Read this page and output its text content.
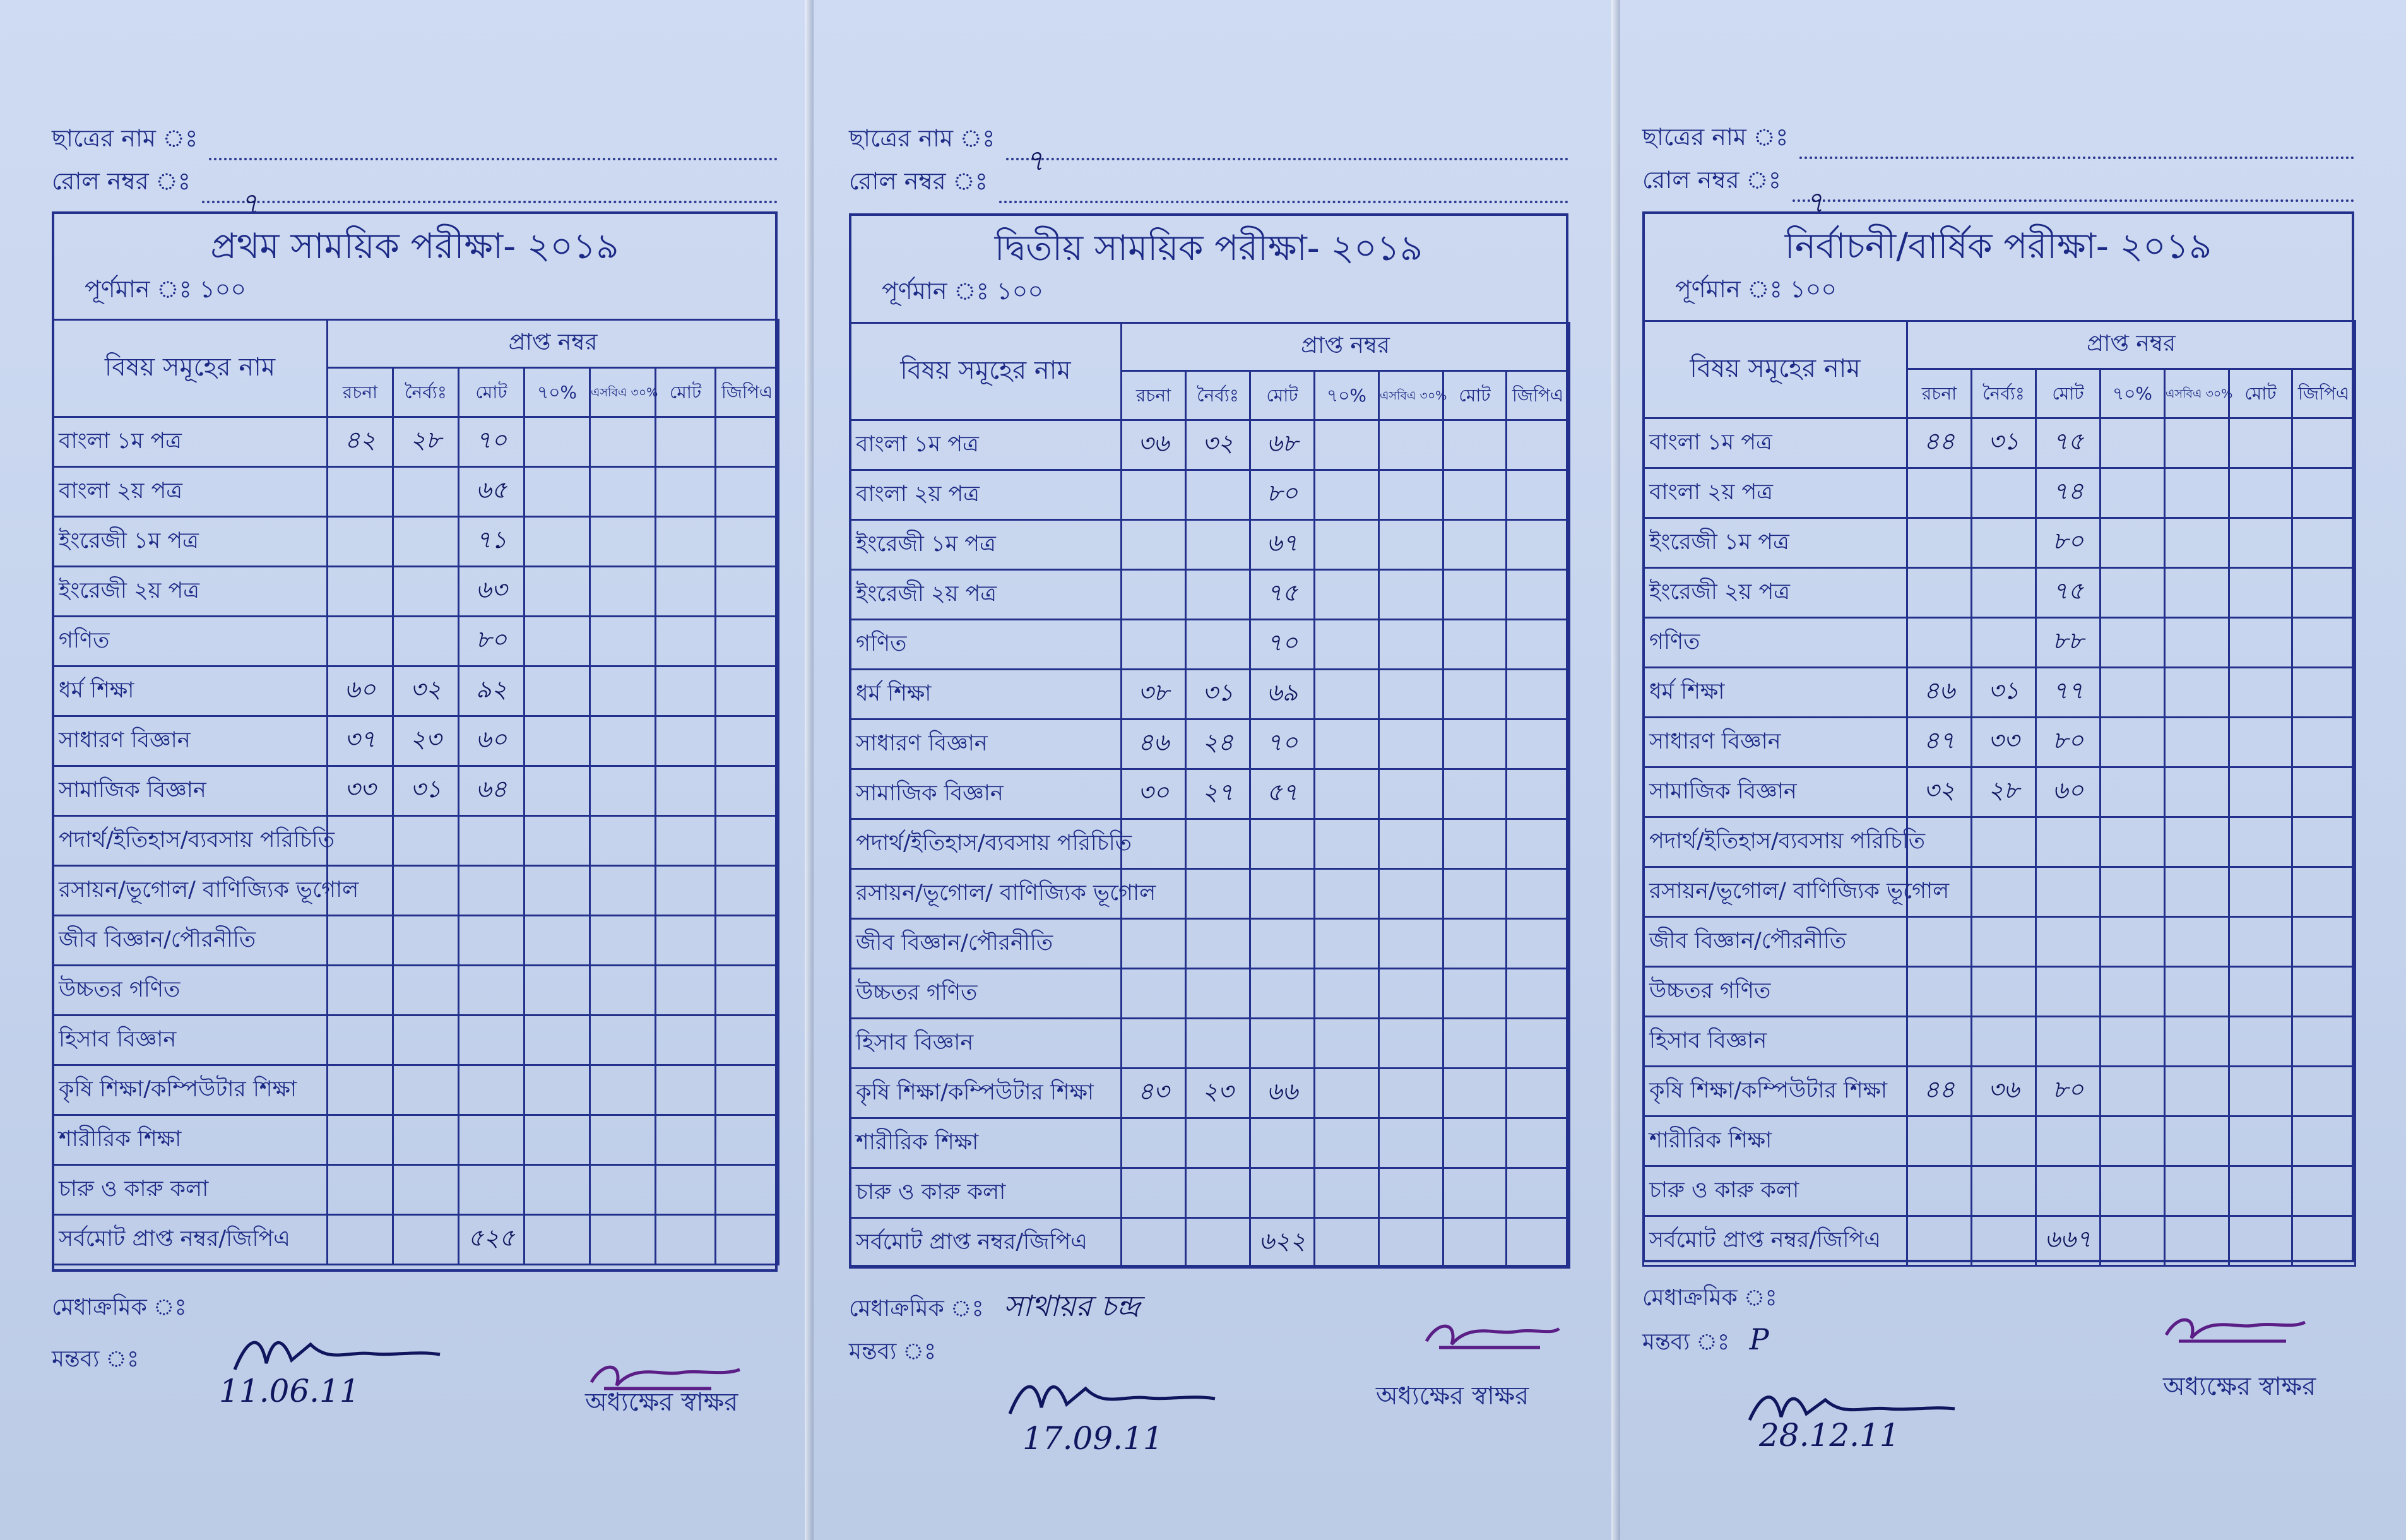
ছাত্রের নাম ঃ
রোল নম্বর ঃ
৭
প্রথম সাময়িক পরীক্ষা- ২০১৯
পূর্ণমান ঃ ১০০
বিষয় সমূহের নাম	প্রাপ্ত নম্বর						
	রচনা	নৈর্ব্যঃ	মোট	৭০%	এসবিএ ৩০%	মোট	জিপিএ
বাংলা ১ম পত্র	৪২	২৮	৭০				
বাংলা ২য় পত্র			৬৫				
ইংরেজী ১ম পত্র			৭১				
ইংরেজী ২য় পত্র			৬৩				
গণিত			৮০				
ধর্ম শিক্ষা	৬০	৩২	৯২				
সাধারণ বিজ্ঞান	৩৭	২৩	৬০				
সামাজিক বিজ্ঞান	৩৩	৩১	৬৪				
পদার্থ/ইতিহাস/ব্যবসায় পরিচিতি							
রসায়ন/ভূগোল/ বাণিজ্যিক ভূগোল							
জীব বিজ্ঞান/পৌরনীতি							
উচ্চতর গণিত							
হিসাব বিজ্ঞান							
কৃষি শিক্ষা/কম্পিউটার শিক্ষা							
শারীরিক শিক্ষা							
চারু ও কারু কলা							
সর্বমোট প্রাপ্ত নম্বর/জিপিএ			৫২৫				
মেধাক্রমিক ঃ
মন্তব্য ঃ
11.06.11	অধ্যক্ষের স্বাক্ষর
ছাত্রের নাম ঃ
৭
রোল নম্বর ঃ
দ্বিতীয় সাময়িক পরীক্ষা- ২০১৯
পূর্ণমান ঃ ১০০
বিষয় সমূহের নাম	প্রাপ্ত নম্বর						
	রচনা	নৈর্ব্যঃ	মোট	৭০%	এসবিএ ৩০%	মোট	জিপিএ
বাংলা ১ম পত্র	৩৬	৩২	৬৮				
বাংলা ২য় পত্র			৮০				
ইংরেজী ১ম পত্র			৬৭				
ইংরেজী ২য় পত্র			৭৫				
গণিত			৭০				
ধর্ম শিক্ষা	৩৮	৩১	৬৯				
সাধারণ বিজ্ঞান	৪৬	২৪	৭০				
সামাজিক বিজ্ঞান	৩০	২৭	৫৭				
পদার্থ/ইতিহাস/ব্যবসায় পরিচিতি							
রসায়ন/ভূগোল/ বাণিজ্যিক ভূগোল							
জীব বিজ্ঞান/পৌরনীতি							
উচ্চতর গণিত							
হিসাব বিজ্ঞান							
কৃষি শিক্ষা/কম্পিউটার শিক্ষা	৪৩	২৩	৬৬				
শারীরিক শিক্ষা							
চারু ও কারু কলা							
সর্বমোট প্রাপ্ত নম্বর/জিপিএ			৬২২				
মেধাক্রমিক ঃ সাথায়র চন্দ্র
মন্তব্য ঃ
17.09.11
অধ্যক্ষের স্বাক্ষর
ছাত্রের নাম ঃ
রোল নম্বর ঃ
৭
নির্বাচনী/বার্ষিক পরীক্ষা- ২০১৯
পূর্ণমান ঃ ১০০
বিষয় সমূহের নাম	প্রাপ্ত নম্বর						
	রচনা	নৈর্ব্যঃ	মোট	৭০%	এসবিএ ৩০%	মোট	জিপিএ
বাংলা ১ম পত্র	৪৪	৩১	৭৫				
বাংলা ২য় পত্র			৭৪				
ইংরেজী ১ম পত্র			৮০				
ইংরেজী ২য় পত্র			৭৫				
গণিত			৮৮				
ধর্ম শিক্ষা	৪৬	৩১	৭৭				
সাধারণ বিজ্ঞান	৪৭	৩৩	৮০				
সামাজিক বিজ্ঞান	৩২	২৮	৬০				
পদার্থ/ইতিহাস/ব্যবসায় পরিচিতি							
রসায়ন/ভূগোল/ বাণিজ্যিক ভূগোল							
জীব বিজ্ঞান/পৌরনীতি							
উচ্চতর গণিত							
হিসাব বিজ্ঞান							
কৃষি শিক্ষা/কম্পিউটার শিক্ষা	৪৪	৩৬	৮০				
শারীরিক শিক্ষা							
চারু ও কারু কলা							
সর্বমোট প্রাপ্ত নম্বর/জিপিএ			৬৬৭				
মেধাক্রমিক ঃ
মন্তব্য ঃ P
28.12.11
অধ্যক্ষের স্বাক্ষর
